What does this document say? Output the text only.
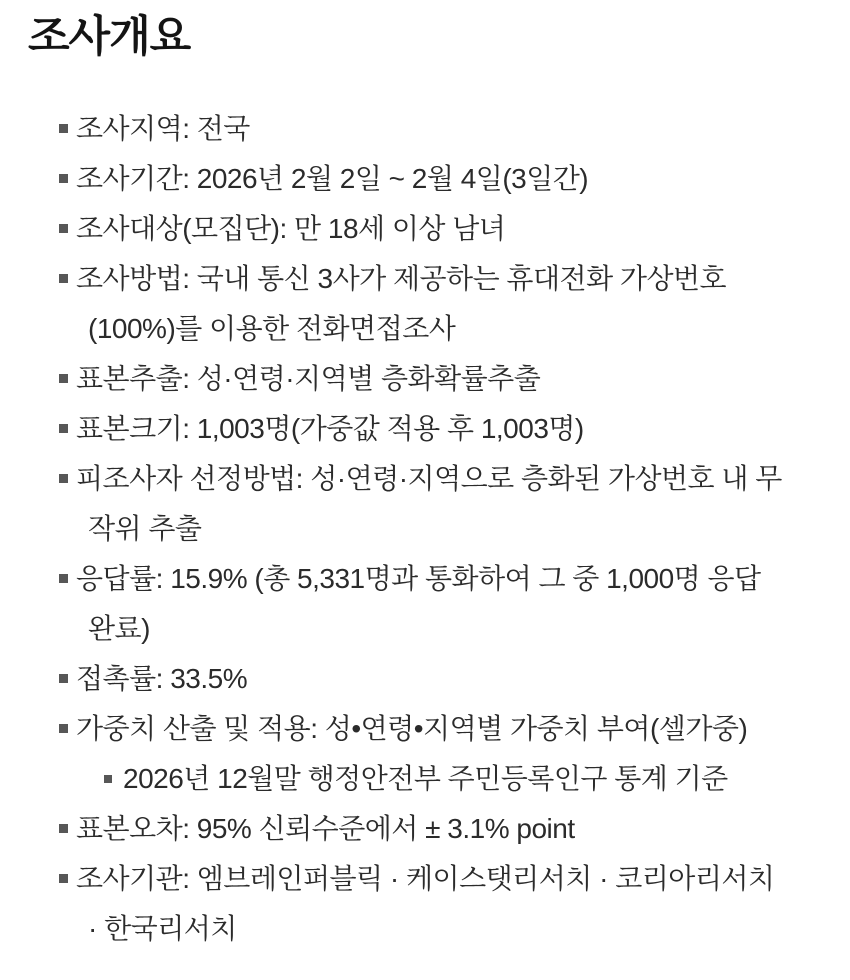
조사개요
조사지역: 전국
조사기간: 2026년 2월 2일 ~ 2월 4일(3일간)
조사대상(모집단): 만 18세 이상 남녀
조사방법: 국내 통신 3사가 제공하는 휴대전화 가상번호
(100%)를 이용한 전화면접조사
표본추출: 성·연령·지역별 층화확률추출
표본크기: 1,003명(가중값 적용 후 1,003명)
피조사자 선정방법: 성·연령·지역으로 층화된 가상번호 내 무
작위 추출
응답률: 15.9% (총 5,331명과 통화하여 그 중 1,000명 응답
완료)
접촉률: 33.5%
가중치 산출 및 적용: 성•연령•지역별 가중치 부여(셀가중)
2026년 12월말 행정안전부 주민등록인구 통계 기준
표본오차: 95% 신뢰수준에서 ± 3.1% point
조사기관: 엠브레인퍼블릭 · 케이스탯리서치 · 코리아리서치
· 한국리서치
